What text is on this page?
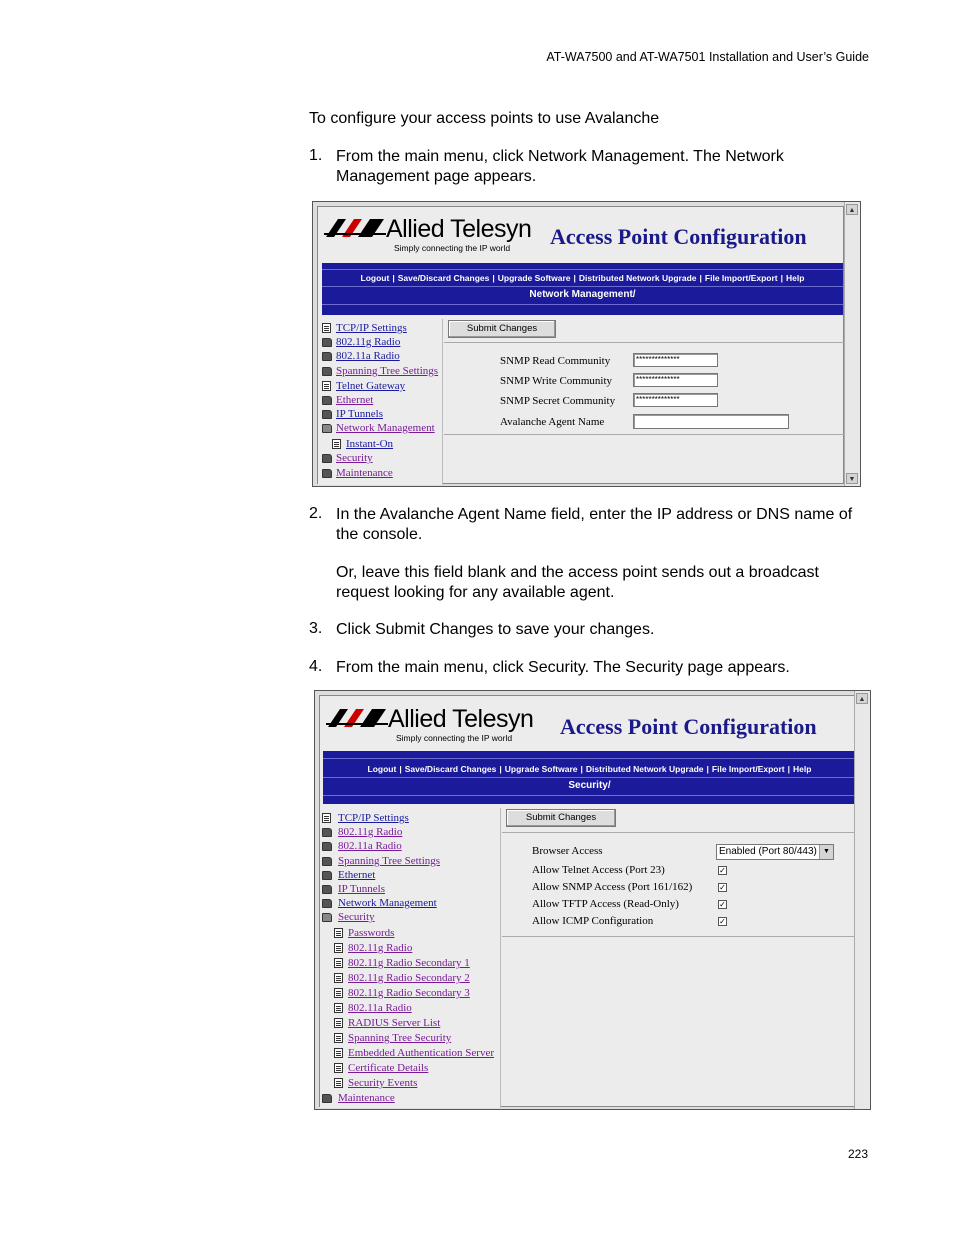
AT-WA7500 and AT-WA7501 Installation and User’s Guide
To configure your access points to use Avalanche
1. From the main menu, click Network Management. The Network Management page appears.
Allied Telesyn
Simply connecting the IP world Access Point Configuration
Logout | Save/Discard Changes | Upgrade Software | Distributed Network Upgrade | File Import/Export | Help
Network Management/
TCP/IP Settings
802.11g Radio
802.11a Radio
Spanning Tree Settings
Telnet Gateway
Ethernet
IP Tunnels
Network Management
Instant-On
Security
Maintenance
Submit Changes
SNMP Read Community	**************
SNMP Write Community	**************
SNMP Secret Community	**************
Avalanche Agent Name
▲
▼
2. In the Avalanche Agent Name field, enter the IP address or DNS name of the console.
Or, leave this field blank and the access point sends out a broadcast request looking for any available agent.
3. Click Submit Changes to save your changes.
4. From the main menu, click Security. The Security page appears.
Allied Telesyn
Simply connecting the IP world Access Point Configuration
Logout | Save/Discard Changes | Upgrade Software | Distributed Network Upgrade | File Import/Export | Help
Security/
TCP/IP Settings
802.11g Radio
802.11a Radio
Spanning Tree Settings
Ethernet
IP Tunnels
Network Management
Security
Passwords
802.11g Radio
802.11g Radio Secondary 1
802.11g Radio Secondary 2
802.11g Radio Secondary 3
802.11a Radio
RADIUS Server List
Spanning Tree Security
Embedded Authentication Server
Certificate Details
Security Events
Maintenance
Submit Changes
Browser Access	Enabled (Port 80/443) ▼
Allow Telnet Access (Port 23)	✓
Allow SNMP Access (Port 161/162)	✓
Allow TFTP Access (Read-Only)	✓
Allow ICMP Configuration	✓
▲
223
